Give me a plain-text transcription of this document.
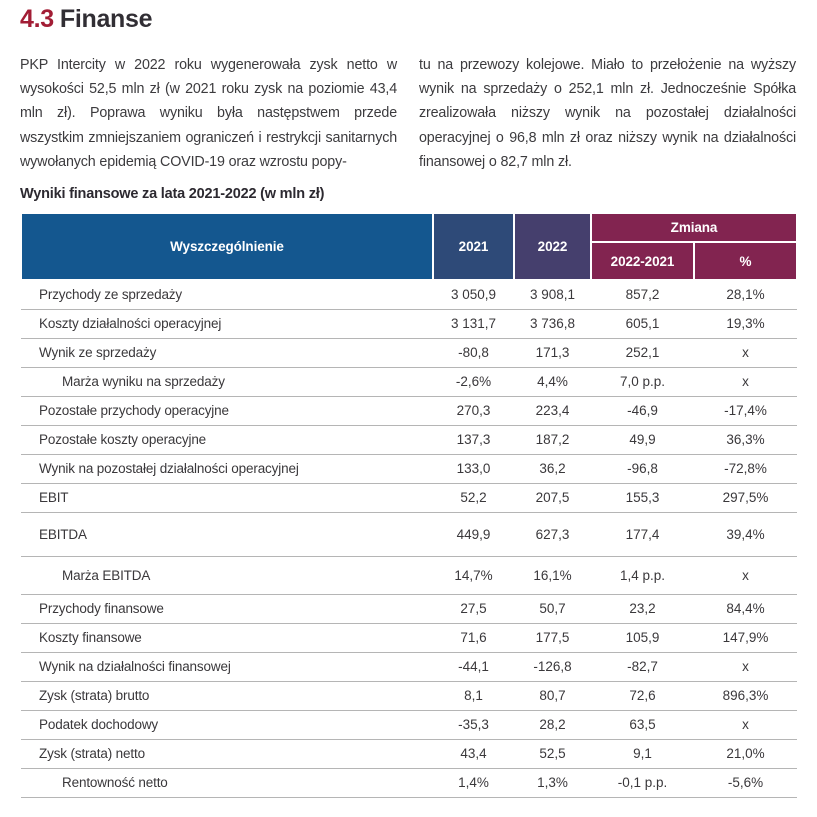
4.3 Finanse

PKP Intercity w 2022 roku wygenerowała zysk netto w wysokości 52,5 mln zł (w 2021 roku zysk na poziomie 43,4 mln zł). Poprawa wyniku była następstwem przede wszystkim zmniejszaniem ograniczeń i restrykcji sanitarnych wywołanych epidemią COVID-19 oraz wzrostu popy-

tu na przewozy kolejowe. Miało to przełożenie na wyższy wynik na sprzedaży o 252,1 mln zł. Jednocześnie Spółka zrealizowała niższy wynik na pozostałej działalności operacyjnej o 96,8 mln zł oraz niższy wynik na działalności finansowej o 82,7 mln zł.

Wyniki finansowe za lata 2021-2022 (w mln zł)
Wyszczególnienie	2021	2022	Zmiana	
			2022-2021	%
Przychody ze sprzedaży	3 050,9	3 908,1	857,2	28,1%
Koszty działalności operacyjnej	3 131,7	3 736,8	605,1	19,3%
Wynik ze sprzedaży	-80,8	171,3	252,1	x
Marża wyniku na sprzedaży	-2,6%	4,4%	7,0 p.p.	x
Pozostałe przychody operacyjne	270,3	223,4	-46,9	-17,4%
Pozostałe koszty operacyjne	137,3	187,2	49,9	36,3%
Wynik na pozostałej działalności operacyjnej	133,0	36,2	-96,8	-72,8%
EBIT	52,2	207,5	155,3	297,5%
EBITDA	449,9	627,3	177,4	39,4%
Marża EBITDA	14,7%	16,1%	1,4 p.p.	x
Przychody finansowe	27,5	50,7	23,2	84,4%
Koszty finansowe	71,6	177,5	105,9	147,9%
Wynik na działalności finansowej	-44,1	-126,8	-82,7	x
Zysk (strata) brutto	8,1	80,7	72,6	896,3%
Podatek dochodowy	-35,3	28,2	63,5	x
Zysk (strata) netto	43,4	52,5	9,1	21,0%
Rentowność netto	1,4%	1,3%	-0,1 p.p.	-5,6%
